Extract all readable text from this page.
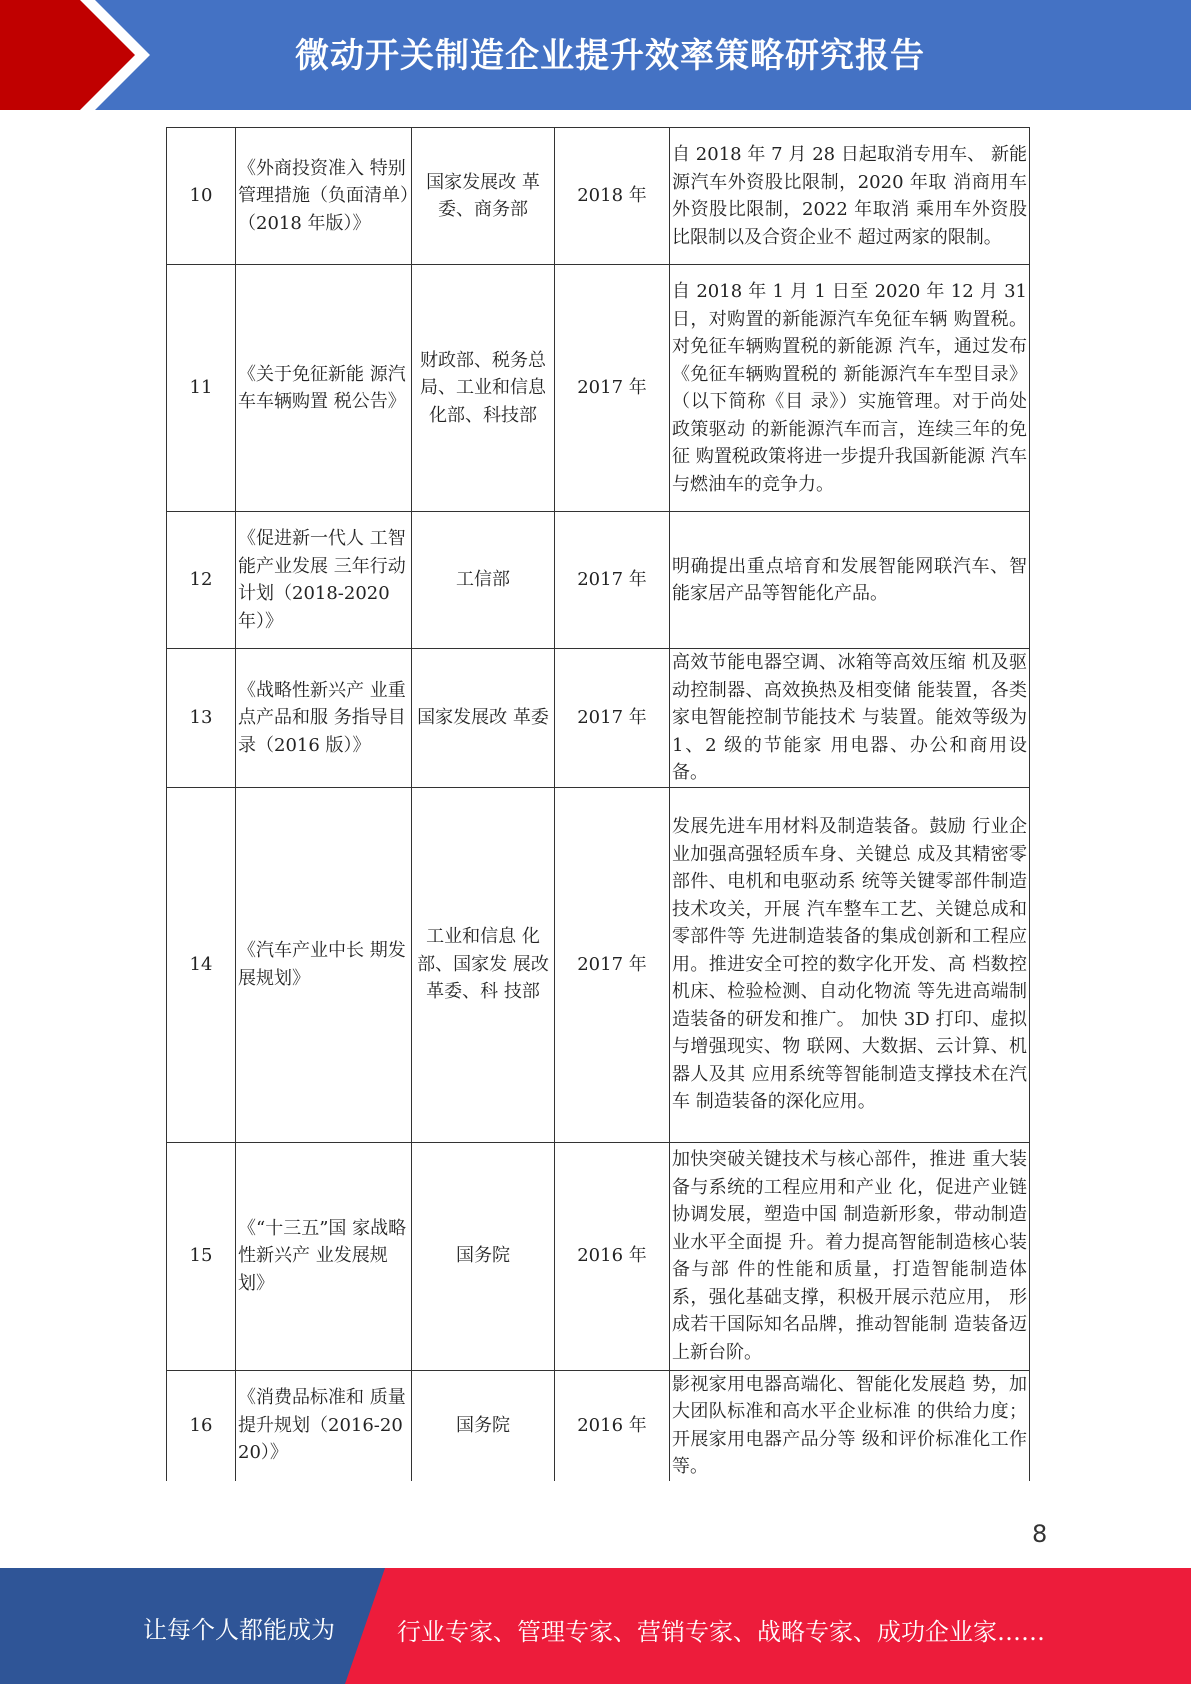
微动开关制造企业提升效率策略研究报告
10	《外商投资准入 特别管理措施（负面清单）（2018 年版）》	国家发展改 革委、商务部	2018 年	自 2018 年 7 月 28 日起取消专用车、 新能源汽车外资股比限制，2020 年取 消商用车外资股比限制，2022 年取消 乘用车外资股比限制以及合资企业不 超过两家的限制。
11	《关于免征新能 源汽车车辆购置 税公告》	财政部、税务总局、工业和信息化部、科技部	2017 年	自 2018 年 1 月 1 日至 2020 年 12 月 31 日，对购置的新能源汽车免征车辆 购置税。对免征车辆购置税的新能源 汽车，通过发布《免征车辆购置税的 新能源汽车车型目录》（以下简称《目 录》）实施管理。对于尚处政策驱动 的新能源汽车而言，连续三年的免征 购置税政策将进一步提升我国新能源 汽车与燃油车的竞争力。
12	《促进新一代人 工智能产业发展 三年行动计划（2018-2020 年）》	工信部	2017 年	明确提出重点培育和发展智能网联汽车、智能家居产品等智能化产品。
13	《战略性新兴产 业重点产品和服 务指导目录（2016 版）》	国家发展改 革委	2017 年	高效节能电器空调、冰箱等高效压缩 机及驱动控制器、高效换热及相变储 能装置，各类家电智能控制节能技术 与装置。能效等级为 1、2 级的节能家 用电器、办公和商用设备。
14	《汽车产业中长 期发展规划》	工业和信息 化部、国家发 展改革委、科 技部	2017 年	发展先进车用材料及制造装备。鼓励 行业企业加强高强轻质车身、关键总 成及其精密零部件、电机和电驱动系 统等关键零部件制造技术攻关，开展 汽车整车工艺、关键总成和零部件等 先进制造装备的集成创新和工程应 用。推进安全可控的数字化开发、高 档数控机床、检验检测、自动化物流 等先进高端制造装备的研发和推广。 加快 3D 打印、虚拟与增强现实、物 联网、大数据、云计算、机器人及其 应用系统等智能制造支撑技术在汽车 制造装备的深化应用。
15	《“十三五”国 家战略性新兴产 业发展规划》	国务院	2016 年	加快突破关键技术与核心部件，推进 重大装备与系统的工程应用和产业 化，促进产业链协调发展，塑造中国 制造新形象，带动制造业水平全面提 升。着力提高智能制造核心装备与部 件的性能和质量，打造智能制造体系，强化基础支撑，积极开展示范应用， 形成若干国际知名品牌，推动智能制 造装备迈上新台阶。
16	《消费品标准和 质量提升规划（2016-2020）》	国务院	2016 年	影视家用电器高端化、智能化发展趋 势，加大团队标准和高水平企业标准 的供给力度；开展家用电器产品分等 级和评价标准化工作等。
8
让每个人都能成为	行业专家、管理专家、营销专家、战略专家、成功企业家……
